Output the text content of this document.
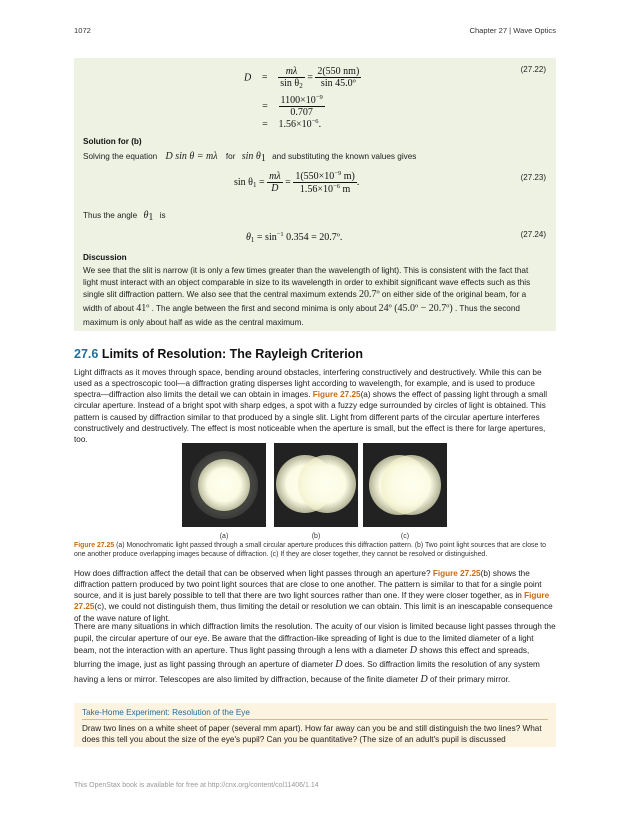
1072	Chapter 27 | Wave Optics
$D = \frac{m\lambda}{\sin \theta_2} = \frac{2(550 nm)}{\text{sin 45.0º}}$	(27.22)
= $\frac{1100\times 10^{-9}}{0.707}$
= $1.56\times 10^{-6}$.
Solution for (b)
Solving the equation D sin θ = mλ for sin θ1 and substituting the known values gives
$\sin \theta_1 = \frac{m\lambda}{D} = \frac{1(550\times 10^{-9} m)}{1.56\times 10^{-6} m}$ .	(27.23)
Thus the angle θ1 is
$\theta_1 = \sin^{-1} 0.354$ = 20.7º.	(27.24)
Discussion
We see that the slit is narrow (it is only a few times greater than the wavelength of light). This is consistent with the fact that light must interact with an object comparable in size to its wavelength in order to exhibit significant wave effects such as this single slit diffraction pattern. We also see that the central maximum extends 20.7º on either side of the original beam, for a width of about 41º . The angle between the first and second minima is only about 24º (45.0º − 20.7º) . Thus the second maximum is only about half as wide as the central maximum.
27.6 Limits of Resolution: The Rayleigh Criterion
Light diffracts as it moves through space, bending around obstacles, interfering constructively and destructively. While this can be used as a spectroscopic tool—a diffraction grating disperses light according to wavelength, for example, and is used to produce spectra—diffraction also limits the detail we can obtain in images. Figure 27.25(a) shows the effect of passing light through a small circular aperture. Instead of a bright spot with sharp edges, a spot with a fuzzy edge surrounded by circles of light is obtained. This pattern is caused by diffraction similar to that produced by a single slit. Light from different parts of the circular aperture interferes constructively and destructively. The effect is most noticeable when the aperture is small, but the effect is there for large apertures, too.
(a)	(b)	(c)
Figure 27.25 (a) Monochromatic light passed through a small circular aperture produces this diffraction pattern. (b) Two point light sources that are close to one another produce overlapping images because of diffraction. (c) If they are closer together, they cannot be resolved or distinguished.
How does diffraction affect the detail that can be observed when light passes through an aperture? Figure 27.25(b) shows the diffraction pattern produced by two point light sources that are close to one another. The pattern is similar to that for a single point source, and it is just barely possible to tell that there are two light sources rather than one. If they were closer together, as in Figure 27.25(c), we could not distinguish them, thus limiting the detail or resolution we can obtain. This limit is an inescapable consequence of the wave nature of light.
There are many situations in which diffraction limits the resolution. The acuity of our vision is limited because light passes through the pupil, the circular aperture of our eye. Be aware that the diffraction-like spreading of light is due to the limited diameter of a light beam, not the interaction with an aperture. Thus light passing through a lens with a diameter D shows this effect and spreads, blurring the image, just as light passing through an aperture of diameter D does. So diffraction limits the resolution of any system having a lens or mirror. Telescopes are also limited by diffraction, because of the finite diameter D of their primary mirror.
Take-Home Experiment: Resolution of the Eye
Draw two lines on a white sheet of paper (several mm apart). How far away can you be and still distinguish the two lines? What does this tell you about the size of the eye's pupil? Can you be quantitative? (The size of an adult's pupil is discussed
This OpenStax book is available for free at http://cnx.org/content/col11406/1.14
